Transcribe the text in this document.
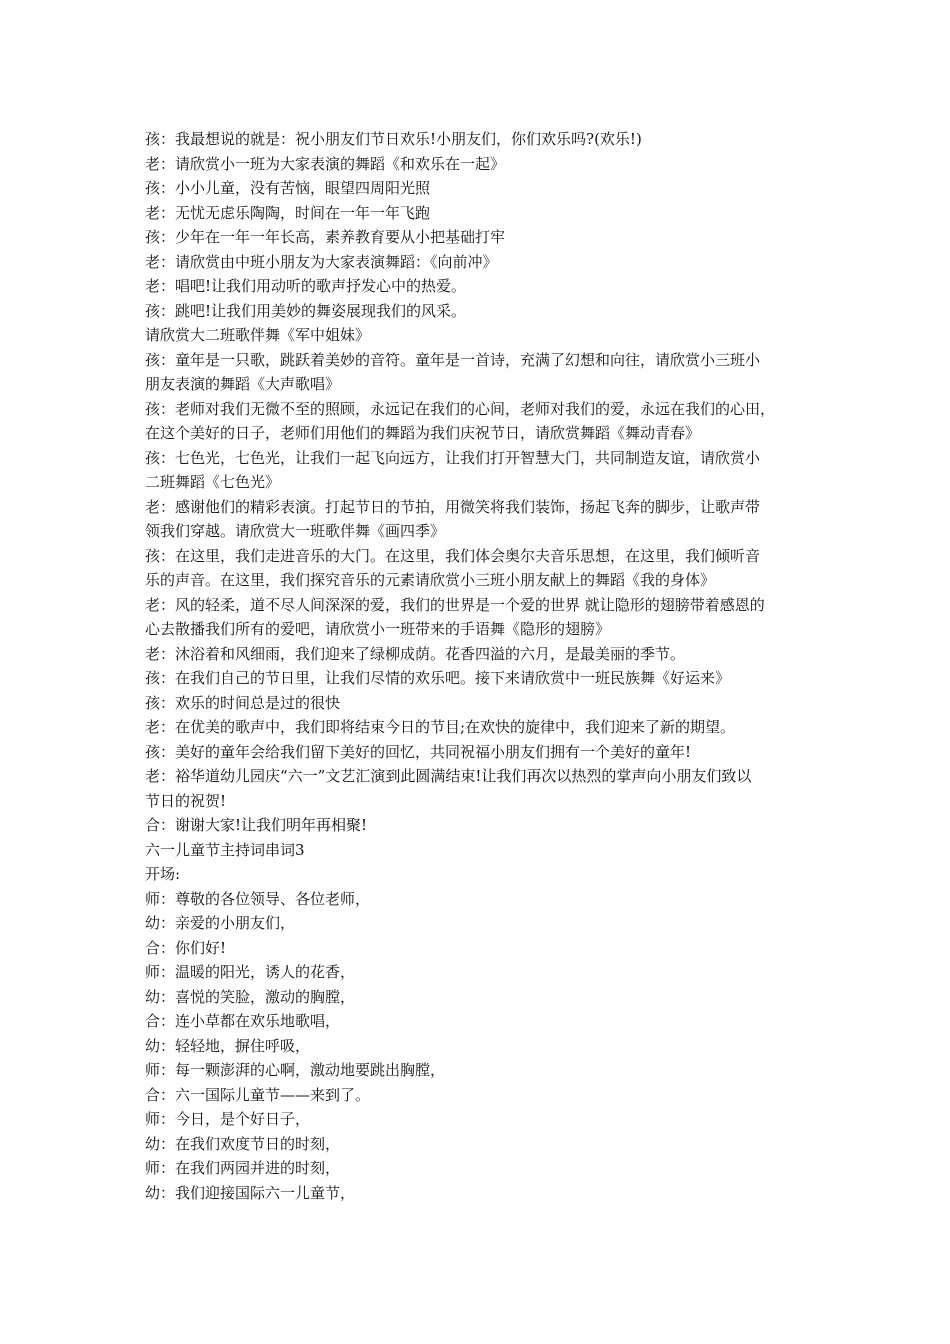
孩：我最想说的就是：祝小朋友们节日欢乐!小朋友们，你们欢乐吗?(欢乐!)
老：请欣赏小一班为大家表演的舞蹈《和欢乐在一起》
孩：小小儿童，没有苦恼，眼望四周阳光照
老：无忧无虑乐陶陶，时间在一年一年飞跑
孩：少年在一年一年长高，素养教育要从小把基础打牢
老：请欣赏由中班小朋友为大家表演舞蹈：《向前冲》
老：唱吧!让我们用动听的歌声抒发心中的热爱。
孩：跳吧!让我们用美妙的舞姿展现我们的风采。
请欣赏大二班歌伴舞《军中姐妹》
孩：童年是一只歌，跳跃着美妙的音符。童年是一首诗，充满了幻想和向往，请欣赏小三班小
朋友表演的舞蹈《大声歌唱》
孩：老师对我们无微不至的照顾，永远记在我们的心间，老师对我们的爱，永远在我们的心田，
在这个美好的日子，老师们用他们的舞蹈为我们庆祝节日，请欣赏舞蹈《舞动青春》
孩：七色光，七色光，让我们一起飞向远方，让我们打开智慧大门，共同制造友谊，请欣赏小
二班舞蹈《七色光》
老：感谢他们的精彩表演。打起节日的节拍，用微笑将我们装饰，扬起飞奔的脚步，让歌声带
领我们穿越。请欣赏大一班歌伴舞《画四季》
孩：在这里，我们走进音乐的大门。在这里，我们体会奥尔夫音乐思想，在这里，我们倾听音
乐的声音。在这里，我们探究音乐的元素请欣赏小三班小朋友献上的舞蹈《我的身体》
老：风的轻柔，道不尽人间深深的爱，我们的世界是一个爱的世界 就让隐形的翅膀带着感恩的
心去散播我们所有的爱吧，请欣赏小一班带来的手语舞《隐形的翅膀》
老：沐浴着和风细雨，我们迎来了绿柳成荫。花香四溢的六月，是最美丽的季节。
孩：在我们自己的节日里，让我们尽情的欢乐吧。接下来请欣赏中一班民族舞《好运来》
孩：欢乐的时间总是过的很快
老：在优美的歌声中，我们即将结束今日的节目;在欢快的旋律中，我们迎来了新的期望。
孩：美好的童年会给我们留下美好的回忆，共同祝福小朋友们拥有一个美好的童年!
老：裕华道幼儿园庆“六一”文艺汇演到此圆满结束!让我们再次以热烈的掌声向小朋友们致以
节日的祝贺!
合：谢谢大家!让我们明年再相聚!
六一儿童节主持词串词3
开场:
师：尊敬的各位领导、各位老师，
幼：亲爱的小朋友们，
合：你们好!
师：温暖的阳光，诱人的花香，
幼：喜悦的笑脸，激动的胸膛，
合：连小草都在欢乐地歌唱，
幼：轻轻地，摒住呼吸，
师：每一颗澎湃的心啊，激动地要跳出胸膛，
合：六一国际儿童节——来到了。
师：今日，是个好日子，
幼：在我们欢度节日的时刻，
师：在我们两园并进的时刻，
幼：我们迎接国际六一儿童节，
